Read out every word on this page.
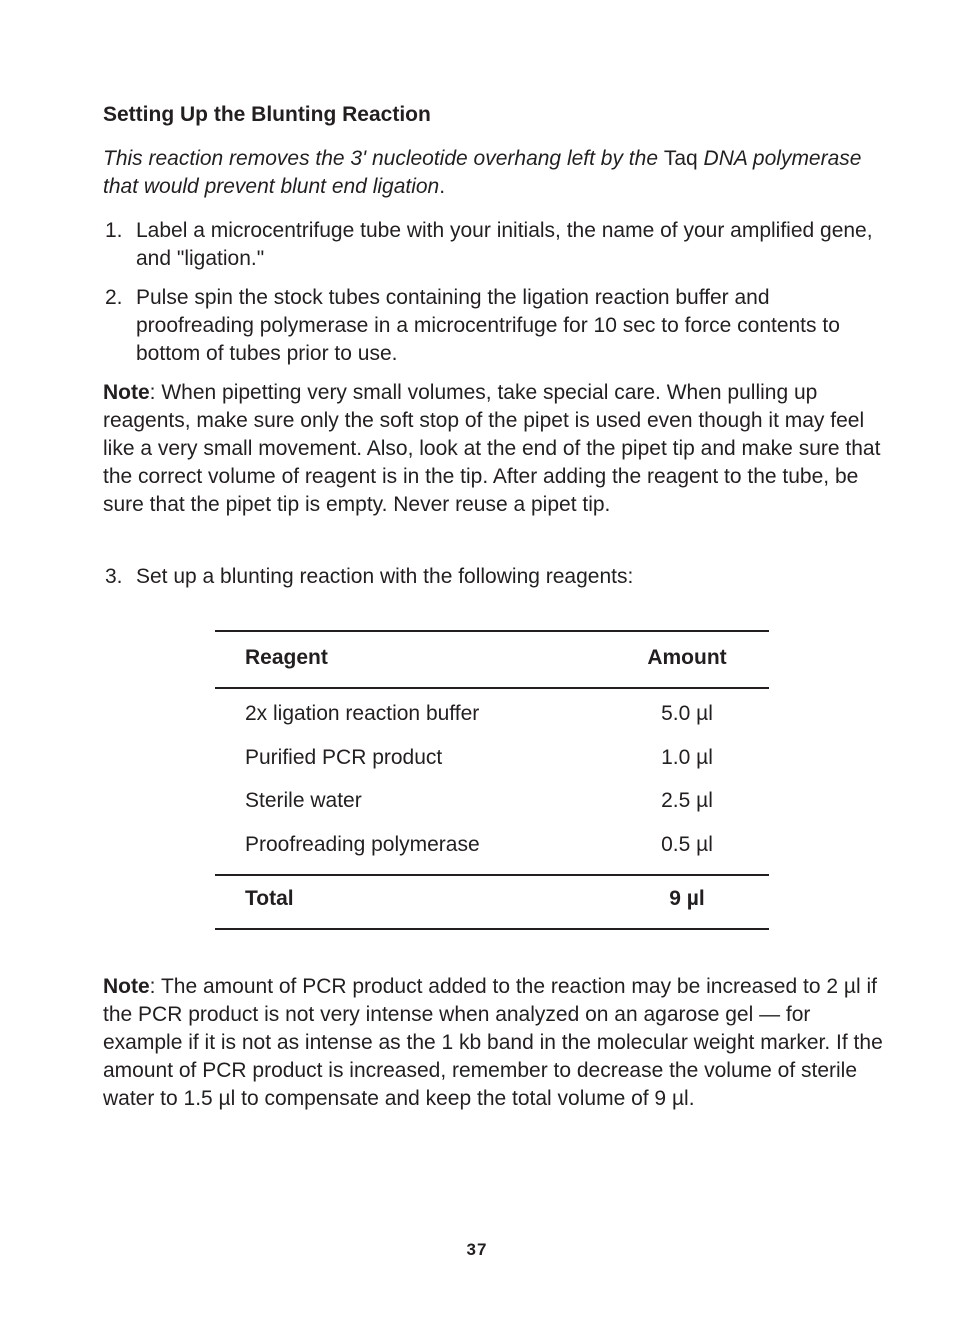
Setting Up the Blunting Reaction
This reaction removes the 3' nucleotide overhang left by the Taq DNA polymerase that would prevent blunt end ligation.
1. Label a microcentrifuge tube with your initials, the name of your amplified gene, and "ligation."
2. Pulse spin the stock tubes containing the ligation reaction buffer and proofreading polymerase in a microcentrifuge for 10 sec to force contents to bottom of tubes prior to use.
Note: When pipetting very small volumes, take special care. When pulling up reagents, make sure only the soft stop of the pipet is used even though it may feel like a very small movement. Also, look at the end of the pipet tip and make sure that the correct volume of reagent is in the tip. After adding the reagent to the tube, be sure that the pipet tip is empty. Never reuse a pipet tip.
3. Set up a blunting reaction with the following reagents:
Note: The amount of PCR product added to the reaction may be increased to 2 µl if the PCR product is not very intense when analyzed on an agarose gel — for example if it is not as intense as the 1 kb band in the molecular weight marker. If the amount of PCR product is increased, remember to decrease the volume of sterile water to 1.5 µl to compensate and keep the total volume of 9 µl.
Reagent	Amount
2x ligation reaction buffer	5.0 µl
Purified PCR product	1.0 µl
Sterile water	2.5 µl
Proofreading polymerase	0.5 µl
Total	9 µl
37
